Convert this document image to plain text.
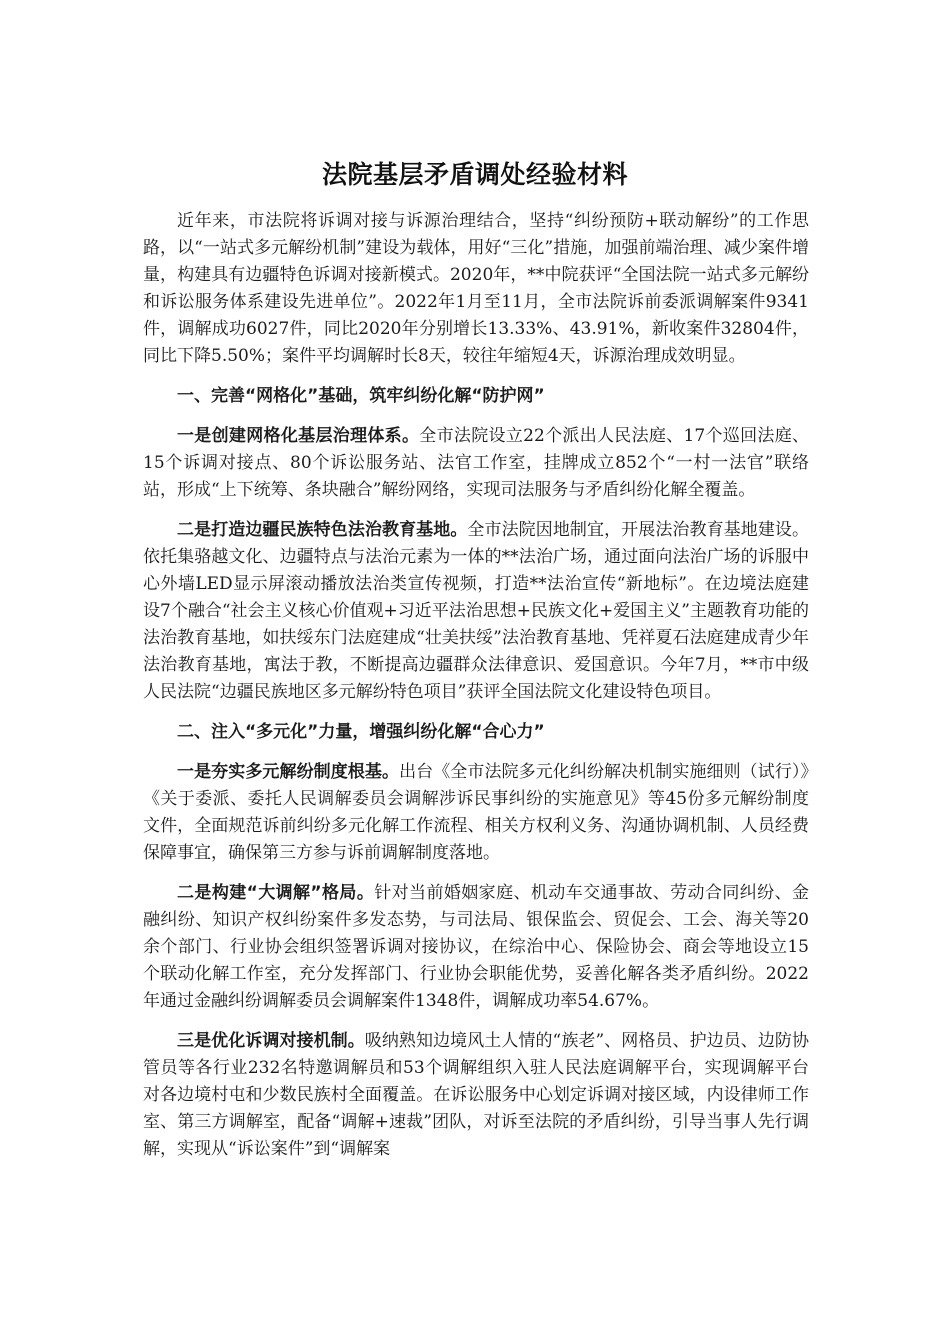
法院基层矛盾调处经验材料

近年来，市法院将诉调对接与诉源治理结合，坚持“纠纷预防+联动解纷”的工作思路，以“一站式多元解纷机制”建设为载体，用好“三化”措施，加强前端治理、减少案件增量，构建具有边疆特色诉调对接新模式。2020年，**中院获评“全国法院一站式多元解纷和诉讼服务体系建设先进单位”。2022年1月至11月，全市法院诉前委派调解案件9341件，调解成功6027件，同比2020年分别增长13.33%、43.91%，新收案件32804件，同比下降5.50%；案件平均调解时长8天，较往年缩短4天，诉源治理成效明显。

一、完善“网格化”基础，筑牢纠纷化解“防护网”

一是创建网格化基层治理体系。全市法院设立22个派出人民法庭、17个巡回法庭、15个诉调对接点、80个诉讼服务站、法官工作室，挂牌成立852个“一村一法官”联络站，形成“上下统筹、条块融合”解纷网络，实现司法服务与矛盾纠纷化解全覆盖。

二是打造边疆民族特色法治教育基地。全市法院因地制宜，开展法治教育基地建设。依托集骆越文化、边疆特点与法治元素为一体的**法治广场，通过面向法治广场的诉服中心外墙LED显示屏滚动播放法治类宣传视频，打造**法治宣传“新地标”。在边境法庭建设7个融合“社会主义核心价值观+习近平法治思想+民族文化+爱国主义”主题教育功能的法治教育基地，如扶绥东门法庭建成“壮美扶绥”法治教育基地、凭祥夏石法庭建成青少年法治教育基地，寓法于教，不断提高边疆群众法律意识、爱国意识。今年7月，**市中级人民法院“边疆民族地区多元解纷特色项目”获评全国法院文化建设特色项目。

二、注入“多元化”力量，增强纠纷化解“合心力”

一是夯实多元解纷制度根基。出台《全市法院多元化纠纷解决机制实施细则（试行）》《关于委派、委托人民调解委员会调解涉诉民事纠纷的实施意见》等45份多元解纷制度文件，全面规范诉前纠纷多元化解工作流程、相关方权利义务、沟通协调机制、人员经费保障事宜，确保第三方参与诉前调解制度落地。

二是构建“大调解”格局。针对当前婚姻家庭、机动车交通事故、劳动合同纠纷、金融纠纷、知识产权纠纷案件多发态势，与司法局、银保监会、贸促会、工会、海关等20余个部门、行业协会组织签署诉调对接协议，在综治中心、保险协会、商会等地设立15个联动化解工作室，充分发挥部门、行业协会职能优势，妥善化解各类矛盾纠纷。2022年通过金融纠纷调解委员会调解案件1348件，调解成功率54.67%。

三是优化诉调对接机制。吸纳熟知边境风土人情的“族老”、网格员、护边员、边防协管员等各行业232名特邀调解员和53个调解组织入驻人民法庭调解平台，实现调解平台对各边境村屯和少数民族村全面覆盖。在诉讼服务中心划定诉调对接区域，内设律师工作室、第三方调解室，配备“调解+速裁”团队，对诉至法院的矛盾纠纷，引导当事人先行调解，实现从“诉讼案件”到“调解案
